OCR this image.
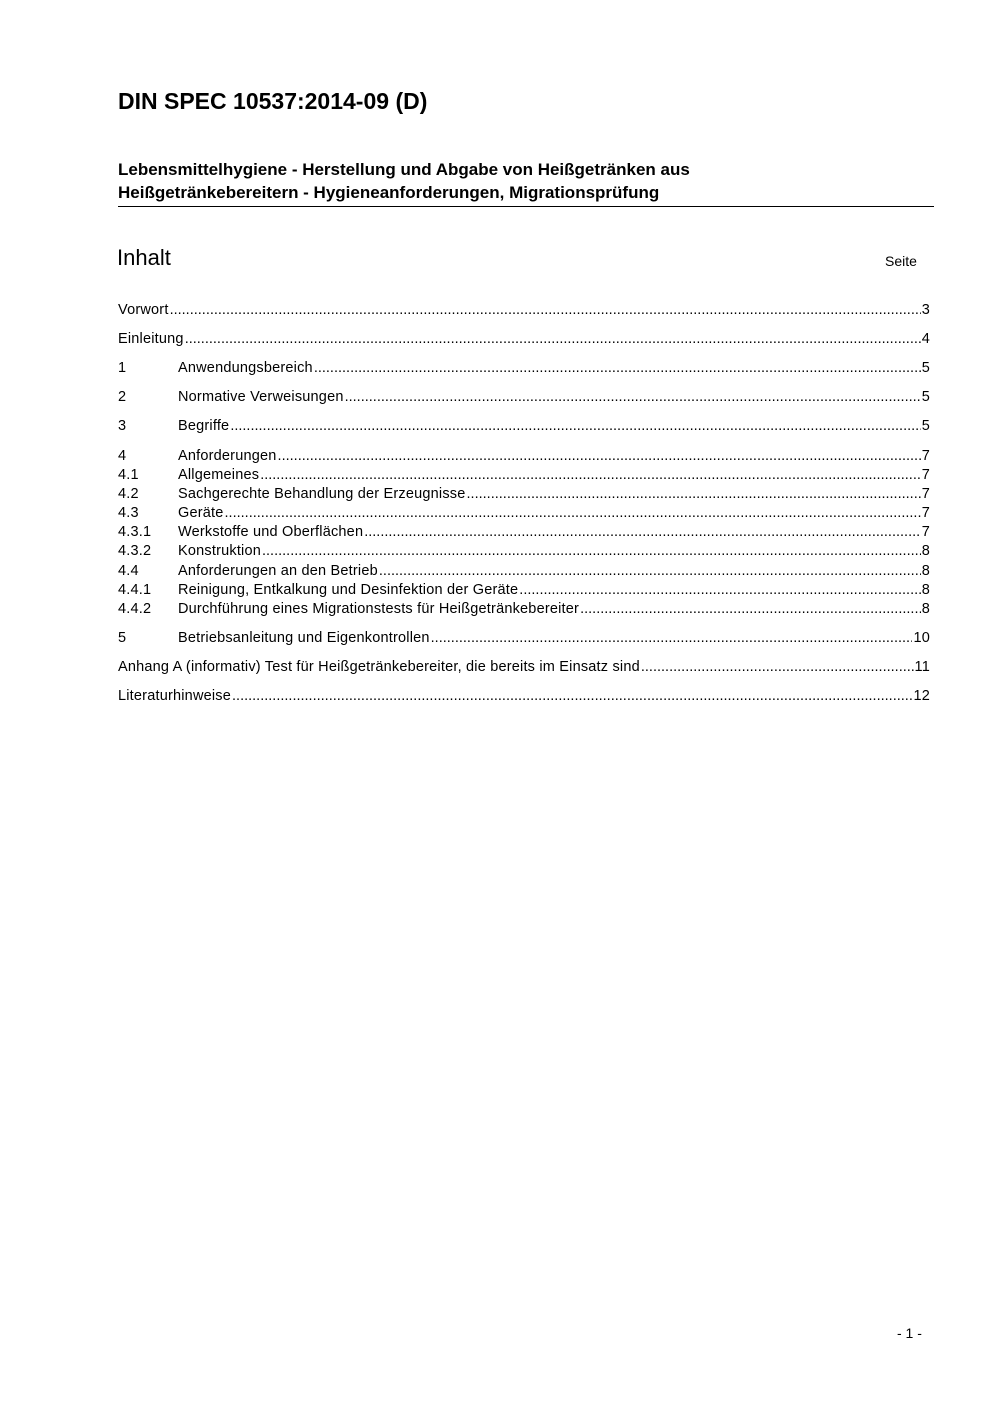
DIN SPEC 10537:2014-09 (D)
Lebensmittelhygiene - Herstellung und Abgabe von Heißgetränken aus
Heißgetränkebereitern - Hygieneanforderungen, Migrationsprüfung
Inhalt	Seite
Vorwort .....	3
Einleitung .....	4
1	Anwendungsbereich .....	5
2	Normative Verweisungen .....	5
3	Begriffe .....	5
4	Anforderungen .....	7
4.1	Allgemeines .....	7
4.2	Sachgerechte Behandlung der Erzeugnisse .....	7
4.3	Geräte .....	7
4.3.1	Werkstoffe und Oberflächen .....	7
4.3.2	Konstruktion .....	8
4.4	Anforderungen an den Betrieb .....	8
4.4.1	Reinigung, Entkalkung und Desinfektion der Geräte .....	8
4.4.2	Durchführung eines Migrationstests für Heißgetränkebereiter .....	8
5	Betriebsanleitung und Eigenkontrollen .....	10
Anhang A (informativ) Test für Heißgetränkebereiter, die bereits im Einsatz sind .....	11
Literaturhinweise .....	12
- 1 -
